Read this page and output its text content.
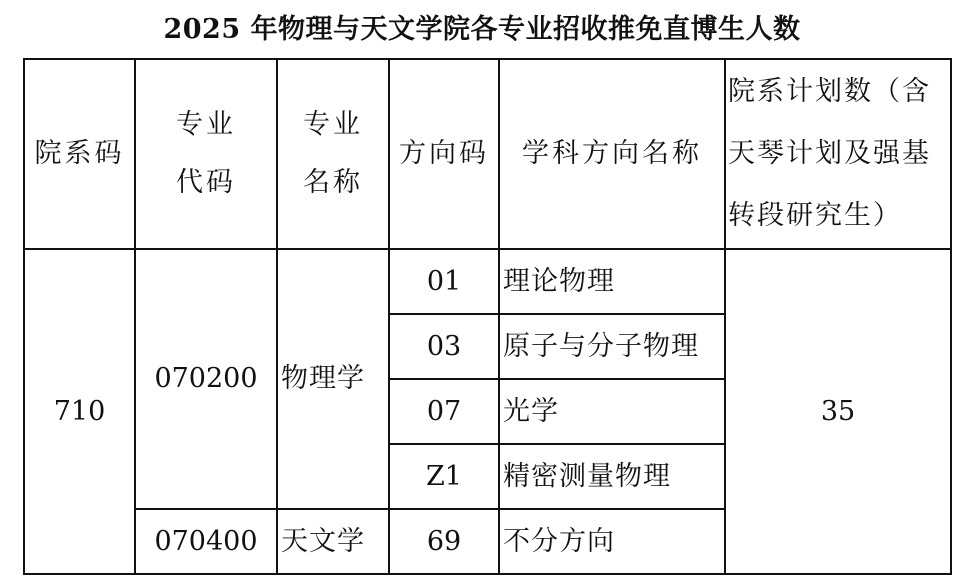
2025 年物理与天文学院各专业招收推免直博生人数
院系码	专业代码	专业名称	方向码	学科方向名称	院系计划数（含天琴计划及强基转段研究生）

710	070200	物理学	01	理论物理	35
			03	原子与分子物理	
			07	光学	
			Z1	精密测量物理	
	070400	天文学	69	不分方向	
